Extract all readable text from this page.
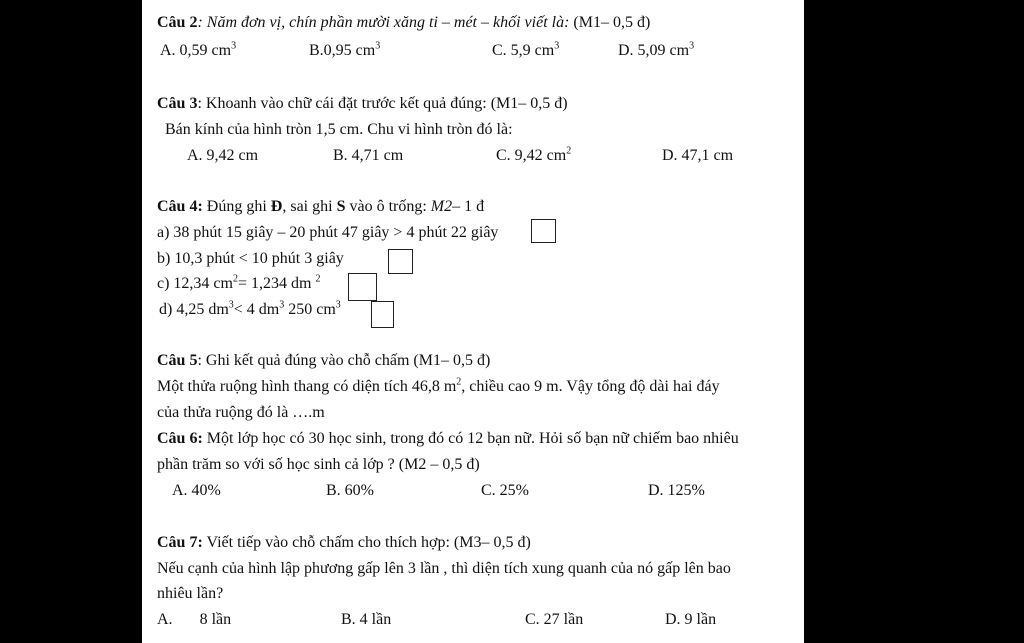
Câu 2: Năm đơn vị, chín phần mười xăng ti – mét – khối viết là: (M1– 0,5 đ)
A. 0,59 $cm^3$	B.0,95 $cm^3$	C. 5,9 $cm^3$	D. 5,09 $cm^3$
Câu 3: Khoanh vào chữ cái đặt trước kết quả đúng: (M1– 0,5 đ)
Bán kính của hình tròn 1,5 cm. Chu vi hình tròn đó là:
A. 9,42 cm	B. 4,71 cm	C. 9,42 $cm^2$	D. 47,1 cm
Câu 4: Đúng ghi Đ, sai ghi S vào ô trống: M2– 1 đ
a) 38 phút 15 giây – 20 phút 47 giây > 4 phút 22 giây
b) 10,3 phút < 10 phút 3 giây
c) 12,34 $cm^2= 1,234$ dm $^2$
d) 4,25 $dm^3< 4$ $dm^3$ 250 $cm^3$
Câu 5: Ghi kết quả đúng vào chỗ chấm (M1– 0,5 đ)
Một thửa ruộng hình thang có diện tích 46,8 $m^2$, chiều cao 9 m. Vậy tổng độ dài hai đáy
của thửa ruộng đó là ….m
Câu 6: Một lớp học có 30 học sinh, trong đó có 12 bạn nữ. Hỏi số bạn nữ chiếm bao nhiêu
phần trăm so với số học sinh cả lớp ? (M2 – 0,5 đ)
A. 40%	B. 60%	C. 25%	D. 125%
Câu 7: Viết tiếp vào chỗ chấm cho thích hợp: (M3– 0,5 đ)
Nếu cạnh của hình lập phương gấp lên 3 lần , thì diện tích xung quanh của nó gấp lên bao
nhiêu lần?
A. 8 lần	B. 4 lần	C. 27 lần	D. 9 lần
